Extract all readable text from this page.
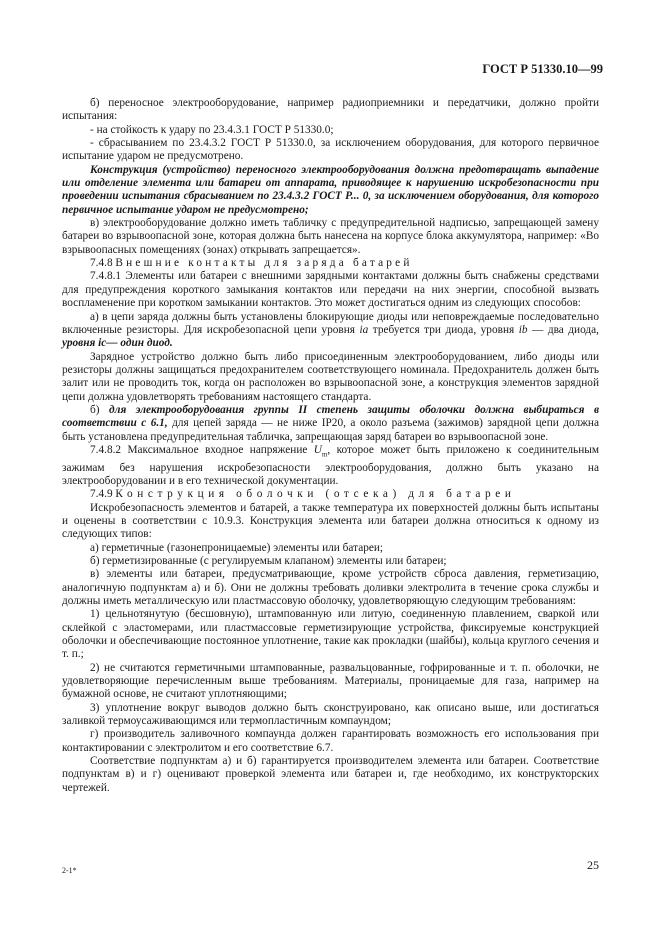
ГОСТ Р 51330.10—99

б) переносное электрооборудование, например радиоприемники и передатчики, должно пройти испытания:

- на стойкость к удару по 23.4.3.1 ГОСТ Р 51330.0;

- сбрасыванием по 23.4.3.2 ГОСТ Р 51330.0, за исключением оборудования, для которого первичное испытание ударом не предусмотрено.

Конструкция (устройство) переносного электрооборудования должна предотвращать выпадение или отделение элемента или батареи от аппарата, приводящее к нарушению искробезопасности при проведении испытания сбрасыванием по 23.4.3.2 ГОСТ Р... 0, за исключением оборудования, для которого первичное испытание ударом не предусмотрено;

в) электрооборудование должно иметь табличку с предупредительной надписью, запрещающей замену батареи во взрывоопасной зоне, которая должна быть нанесена на корпусе блока аккумулятора, например: «Во взрывоопасных помещениях (зонах) открывать запрещается».

7.4.8 Внешние контакты для заряда батарей

7.4.8.1 Элементы или батареи с внешними зарядными контактами должны быть снабжены средствами для предупреждения короткого замыкания контактов или передачи на них энергии, способной вызвать воспламенение при коротком замыкании контактов. Это может достигаться одним из следующих способов:

а) в цепи заряда должны быть установлены блокирующие диоды или неповреждаемые последовательно включенные резисторы. Для искробезопасной цепи уровня ia требуется три диода, уровня ib — два диода, уровня ic— один диод.

Зарядное устройство должно быть либо присоединенным электрооборудованием, либо диоды или резисторы должны защищаться предохранителем соответствующего номинала. Предохранитель должен быть залит или не проводить ток, когда он расположен во взрывоопасной зоне, а конструкция элементов зарядной цепи должна удовлетворять требованиям настоящего стандарта.

б) для электрооборудования группы II степень защиты оболочки должна выбираться в соответствии с 6.1, для цепей заряда — не ниже IP20, а около разъема (зажимов) зарядной цепи должна быть установлена предупредительная табличка, запрещающая заряд батареи во взрывоопасной зоне.

7.4.8.2 Максимальное входное напряжение $U_m$, которое может быть приложено к соединительным зажимам без нарушения искробезопасности электрооборудования, должно быть указано на электрооборудовании и в его технической документации.

7.4.9 Конструкция оболочки (отсека) для батареи

Искробезопасность элементов и батарей, а также температура их поверхностей должны быть испытаны и оценены в соответствии с 10.9.3. Конструкция элемента или батареи должна относиться к одному из следующих типов:

а) герметичные (газонепроницаемые) элементы или батареи;

б) герметизированные (с регулируемым клапаном) элементы или батареи;

в) элементы или батареи, предусматривающие, кроме устройств сброса давления, герметизацию, аналогичную подпунктам а) и б). Они не должны требовать доливки электролита в течение срока службы и должны иметь металлическую или пластмассовую оболочку, удовлетворяющую следующим требованиям:

1) цельнотянутую (бесшовную), штампованную или литую, соединенную плавлением, сваркой или склейкой с эластомерами, или пластмассовые герметизирующие устройства, фиксируемые конструкцией оболочки и обеспечивающие постоянное уплотнение, такие как прокладки (шайбы), кольца круглого сечения и т. п.;

2) не считаются герметичными штампованные, развальцованные, гофрированные и т. п. оболочки, не удовлетворяющие перечисленным выше требованиям. Материалы, проницаемые для газа, например на бумажной основе, не считают уплотняющими;

3) уплотнение вокруг выводов должно быть сконструировано, как описано выше, или достигаться заливкой термоусаживающимся или термопластичным компаундом;

г) производитель заливочного компаунда должен гарантировать возможность его использования при контактировании с электролитом и его соответствие 6.7.

Соответствие подпунктам а) и б) гарантируется производителем элемента или батареи. Соответствие подпунктам в) и г) оценивают проверкой элемента или батареи и, где необходимо, их конструкторских чертежей.

2-1*	25
